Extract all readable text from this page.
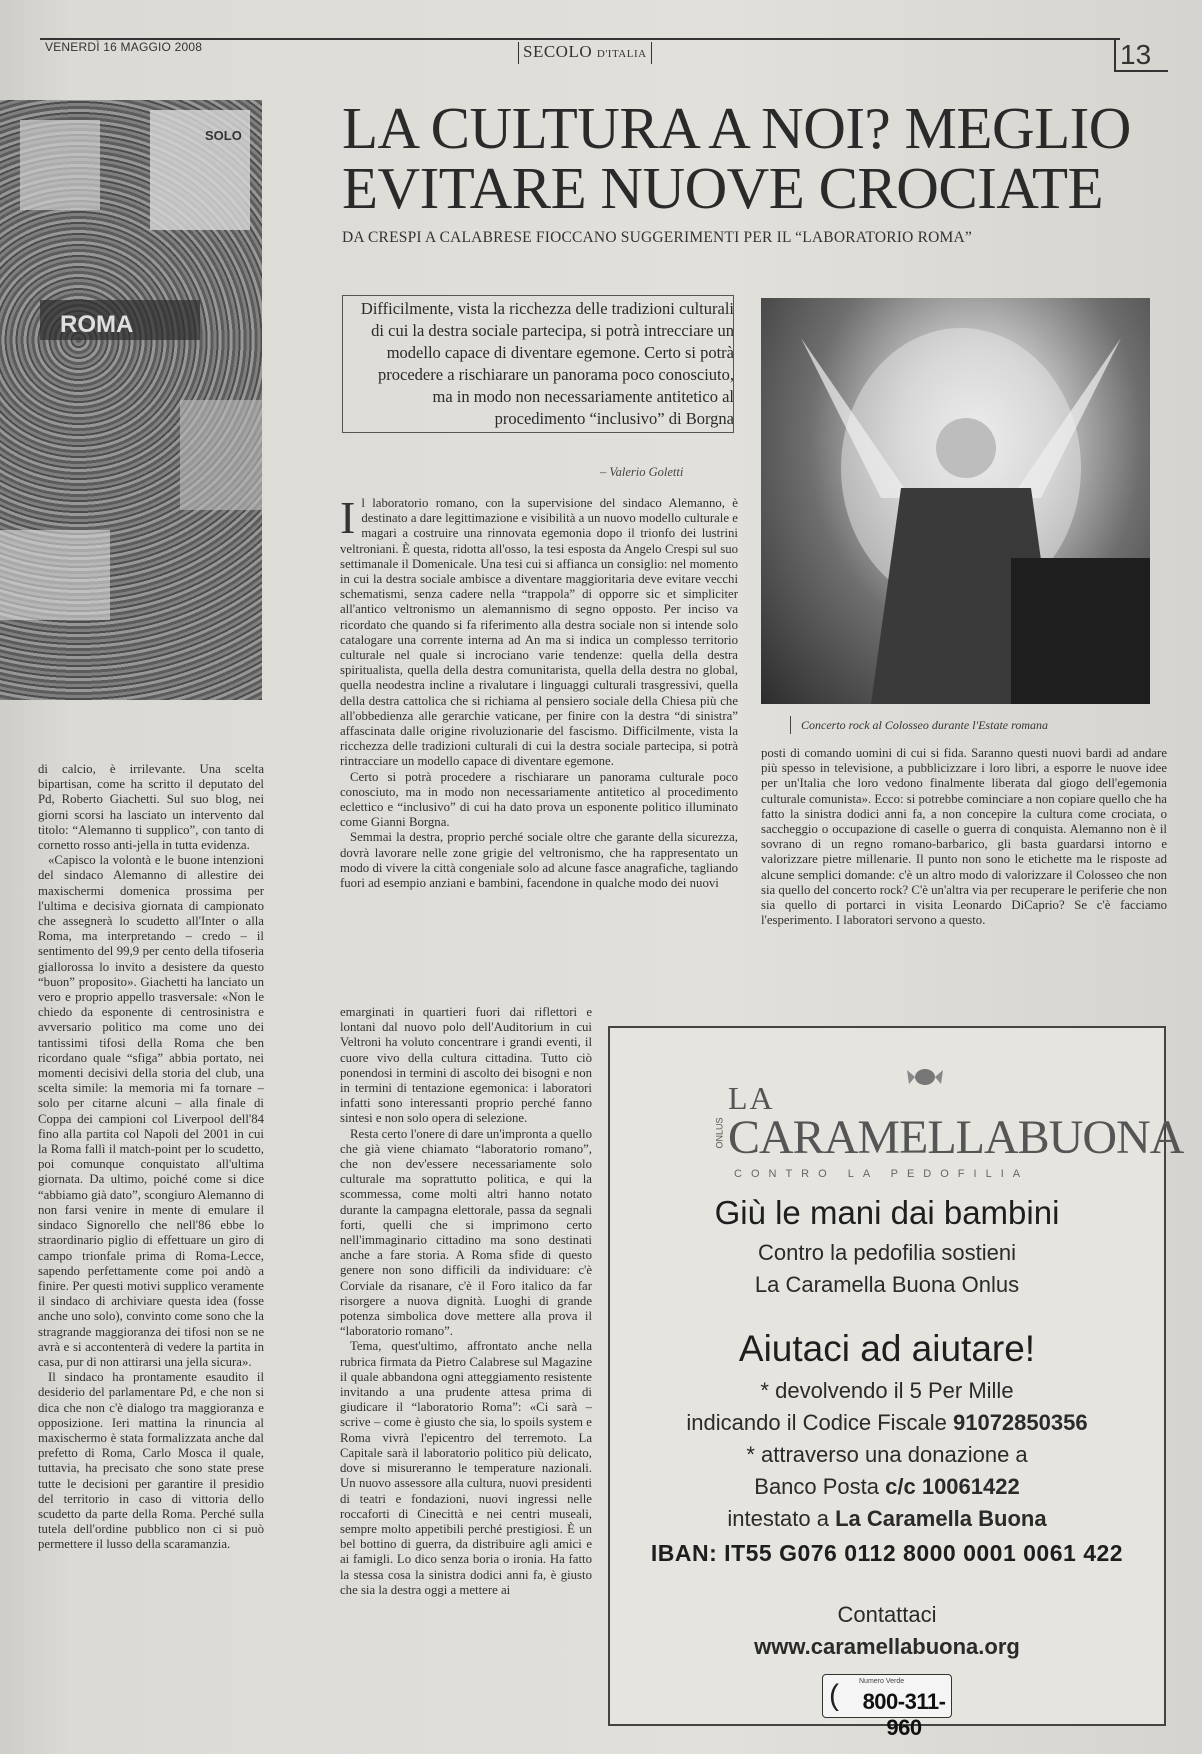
VENERDÌ 16 MAGGIO 2008	SECOLO D'ITALIA	13
ROMA
SOLO LA CULTURA A NOI? MEGLIO
EVITARE NUOVE CROCIATE
DA CRESPI A CALABRESE FIOCCANO SUGGERIMENTI PER IL “LABORATORIO ROMA”

Difficilmente, vista la ricchezza delle tradizioni culturali di cui la destra sociale partecipa, si potrà intrecciare un modello capace di diventare egemone. Certo si potrà procedere a rischiarare un panorama poco conosciuto, ma in modo non necessariamente antitetico al procedimento “inclusivo” di Borgna

– Valerio Goletti
Concerto rock al Colosseo durante l'Estate romana

di calcio, è irrilevante. Una scelta bipartisan, come ha scritto il deputato del Pd, Roberto Giachetti. Sul suo blog, nei giorni scorsi ha lasciato un intervento dal titolo: “Alemanno ti supplico”, con tanto di cornetto rosso anti-jella in tutta evidenza.

«Capisco la volontà e le buone intenzioni del sindaco Alemanno di allestire dei maxischermi domenica prossima per l'ultima e decisiva giornata di campionato che assegnerà lo scudetto all'Inter o alla Roma, ma interpretando – credo – il sentimento del 99,9 per cento della tifoseria giallorossa lo invito a desistere da questo “buon” proposito». Giachetti ha lanciato un vero e proprio appello trasversale: «Non le chiedo da esponente di centrosinistra e avversario politico ma come uno dei tantissimi tifosi della Roma che ben ricordano quale “sfiga” abbia portato, nei momenti decisivi della storia del club, una scelta simile: la memoria mi fa tornare – solo per citarne alcuni – alla finale di Coppa dei campioni col Liverpool dell'84 fino alla partita col Napoli del 2001 in cui la Roma fallì il match-point per lo scudetto, poi comunque conquistato all'ultima giornata. Da ultimo, poiché come si dice “abbiamo già dato”, scongiuro Alemanno di non farsi venire in mente di emulare il sindaco Signorello che nell'86 ebbe lo straordinario piglio di effettuare un giro di campo trionfale prima di Roma-Lecce, sapendo perfettamente come poi andò a finire. Per questi motivi supplico veramente il sindaco di archiviare questa idea (fosse anche uno solo), convinto come sono che la stragrande maggioranza dei tifosi non se ne avrà e si accontenterà di vedere la partita in casa, pur di non attirarsi una jella sicura».

Il sindaco ha prontamente esaudito il desiderio del parlamentare Pd, e che non si dica che non c'è dialogo tra maggioranza e opposizione. Ieri mattina la rinuncia al maxischermo è stata formalizzata anche dal prefetto di Roma, Carlo Mosca il quale, tuttavia, ha precisato che sono state prese tutte le decisioni per garantire il presidio del territorio in caso di vittoria dello scudetto da parte della Roma. Perché sulla tutela dell'ordine pubblico non ci si può permettere il lusso della scaramanzia.

Il laboratorio romano, con la supervisione del sindaco Alemanno, è destinato a dare legittimazione e visibilità a un nuovo modello culturale e magari a costruire una rinnovata egemonia dopo il trionfo dei lustrini veltroniani. È questa, ridotta all'osso, la tesi esposta da Angelo Crespi sul suo settimanale il Domenicale. Una tesi cui si affianca un consiglio: nel momento in cui la destra sociale ambisce a diventare maggioritaria deve evitare vecchi schematismi, senza cadere nella “trappola” di opporre sic et simpliciter all'antico veltronismo un alemannismo di segno opposto. Per inciso va ricordato che quando si fa riferimento alla destra sociale non si intende solo catalogare una corrente interna ad An ma si indica un complesso territorio culturale nel quale si incrociano varie tendenze: quella della destra spiritualista, quella della destra comunitarista, quella della destra no global, quella neodestra incline a rivalutare i linguaggi culturali trasgressivi, quella della destra cattolica che si richiama al pensiero sociale della Chiesa più che all'obbedienza alle gerarchie vaticane, per finire con la destra “di sinistra” affascinata dalle origine rivoluzionarie del fascismo. Difficilmente, vista la ricchezza delle tradizioni culturali di cui la destra sociale partecipa, si potrà rintracciare un modello capace di diventare egemone.

Certo si potrà procedere a rischiarare un panorama culturale poco conosciuto, ma in modo non necessariamente antitetico al procedimento eclettico e “inclusivo” di cui ha dato prova un esponente politico illuminato come Gianni Borgna.

Semmai la destra, proprio perché sociale oltre che garante della sicurezza, dovrà lavorare nelle zone grigie del veltronismo, che ha rappresentato un modo di vivere la città congeniale solo ad alcune fasce anagrafiche, tagliando fuori ad esempio anziani e bambini, facendone in qualche modo dei nuovi

emarginati in quartieri fuori dai riflettori e lontani dal nuovo polo dell'Auditorium in cui Veltroni ha voluto concentrare i grandi eventi, il cuore vivo della cultura cittadina. Tutto ciò ponendosi in termini di ascolto dei bisogni e non in termini di tentazione egemonica: i laboratori infatti sono interessanti proprio perché fanno sintesi e non solo opera di selezione.

Resta certo l'onere di dare un'impronta a quello che già viene chiamato “laboratorio romano”, che non dev'essere necessariamente solo culturale ma soprattutto politica, e qui la scommessa, come molti altri hanno notato durante la campagna elettorale, passa da segnali forti, quelli che si imprimono certo nell'immaginario cittadino ma sono destinati anche a fare storia. A Roma sfide di questo genere non sono difficili da individuare: c'è Corviale da risanare, c'è il Foro italico da far risorgere a nuova dignità. Luoghi di grande potenza simbolica dove mettere alla prova il “laboratorio romano”.

Tema, quest'ultimo, affrontato anche nella rubrica firmata da Pietro Calabrese sul Magazine il quale abbandona ogni atteggiamento resistente invitando a una prudente attesa prima di giudicare il “laboratorio Roma”: «Ci sarà – scrive – come è giusto che sia, lo spoils system e Roma vivrà l'epicentro del terremoto. La Capitale sarà il laboratorio politico più delicato, dove si misureranno le temperature nazionali. Un nuovo assessore alla cultura, nuovi presidenti di teatri e fondazioni, nuovi ingressi nelle roccaforti di Cinecittà e nei centri museali, sempre molto appetibili perché prestigiosi. È un bel bottino di guerra, da distribuire agli amici e ai famigli. Lo dico senza boria o ironia. Ha fatto la stessa cosa la sinistra dodici anni fa, è giusto che sia la destra oggi a mettere ai

posti di comando uomini di cui si fida. Saranno questi nuovi bardi ad andare più spesso in televisione, a pubblicizzare i loro libri, a esporre le nuove idee per un'Italia che loro vedono finalmente liberata dal giogo dell'egemonia culturale comunista». Ecco: si potrebbe cominciare a non copiare quello che ha fatto la sinistra dodici anni fa, a non concepire la cultura come crociata, o saccheggio o occupazione di caselle o guerra di conquista. Alemanno non è il sovrano di un regno romano-barbarico, gli basta guardarsi intorno e valorizzare pietre millenarie. Il punto non sono le etichette ma le risposte ad alcune semplici domande: c'è un altro modo di valorizzare il Colosseo che non sia quello del concerto rock? C'è un'altra via per recuperare le periferie che non sia quello di portarci in visita Leonardo DiCaprio? Se c'è facciamo l'esperimento. I laboratori servono a questo.

LA
ONLUS CARAMELLABUONA
CONTRO LA PEDOFILIA
Giù le mani dai bambini
Contro la pedofilia sostieni
La Caramella Buona Onlus
Aiutaci ad aiutare!
* devolvendo il 5 Per Mille
indicando il Codice Fiscale 91072850356
* attraverso una donazione a
Banco Posta c/c 10061422
intestato a La Caramella Buona
IBAN: IT55 G076 0112 8000 0001 0061 422
Contattaci
www.caramellabuona.org
(	Numero Verde
800-311-960
